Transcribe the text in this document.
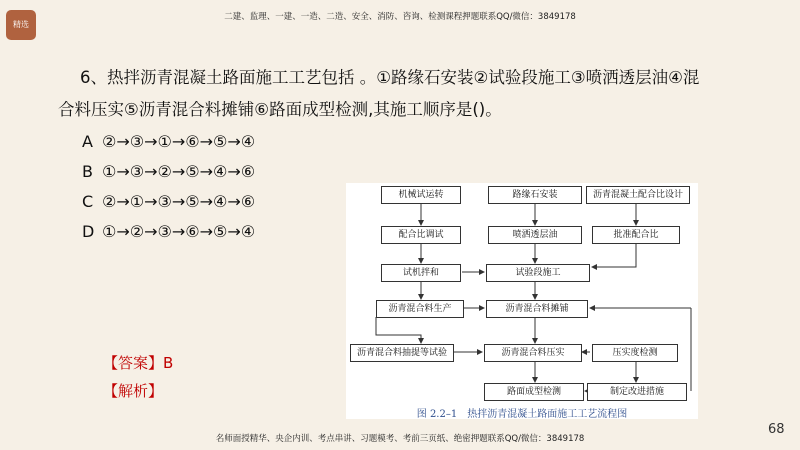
精选
二建、监理、一建、一造、二造、安全、消防、咨询、检测课程押题联系QQ/微信：3849178
6、热拌沥青混凝土路面施工工艺包括 。①路缘石安装②试验段施工③喷洒透层油④混
合料压实⑤沥青混合料摊铺⑥路面成型检测,其施工顺序是()。
A ②→③→①→⑥→⑤→④
B ①→③→②→⑤→④→⑥
C ②→①→③→⑤→④→⑥
D ①→②→③→⑥→⑤→④
【答案】B
【解析】
机械试运转
配合比调试
试机拌和
沥青混合料生产
沥青混合料抽提等试验
路缘石安装
喷洒透层油
试验段施工
沥青混合料摊铺
沥青混合料压实
路面成型检测
沥青混凝土配合比设计
批准配合比
压实度检测
制定改进措施
图 2.2–1　热拌沥青混凝土路面施工工艺流程图
68
名师面授精华、央企内训、考点串讲、习题模考、考前三页纸、绝密押题联系QQ/微信：3849178
